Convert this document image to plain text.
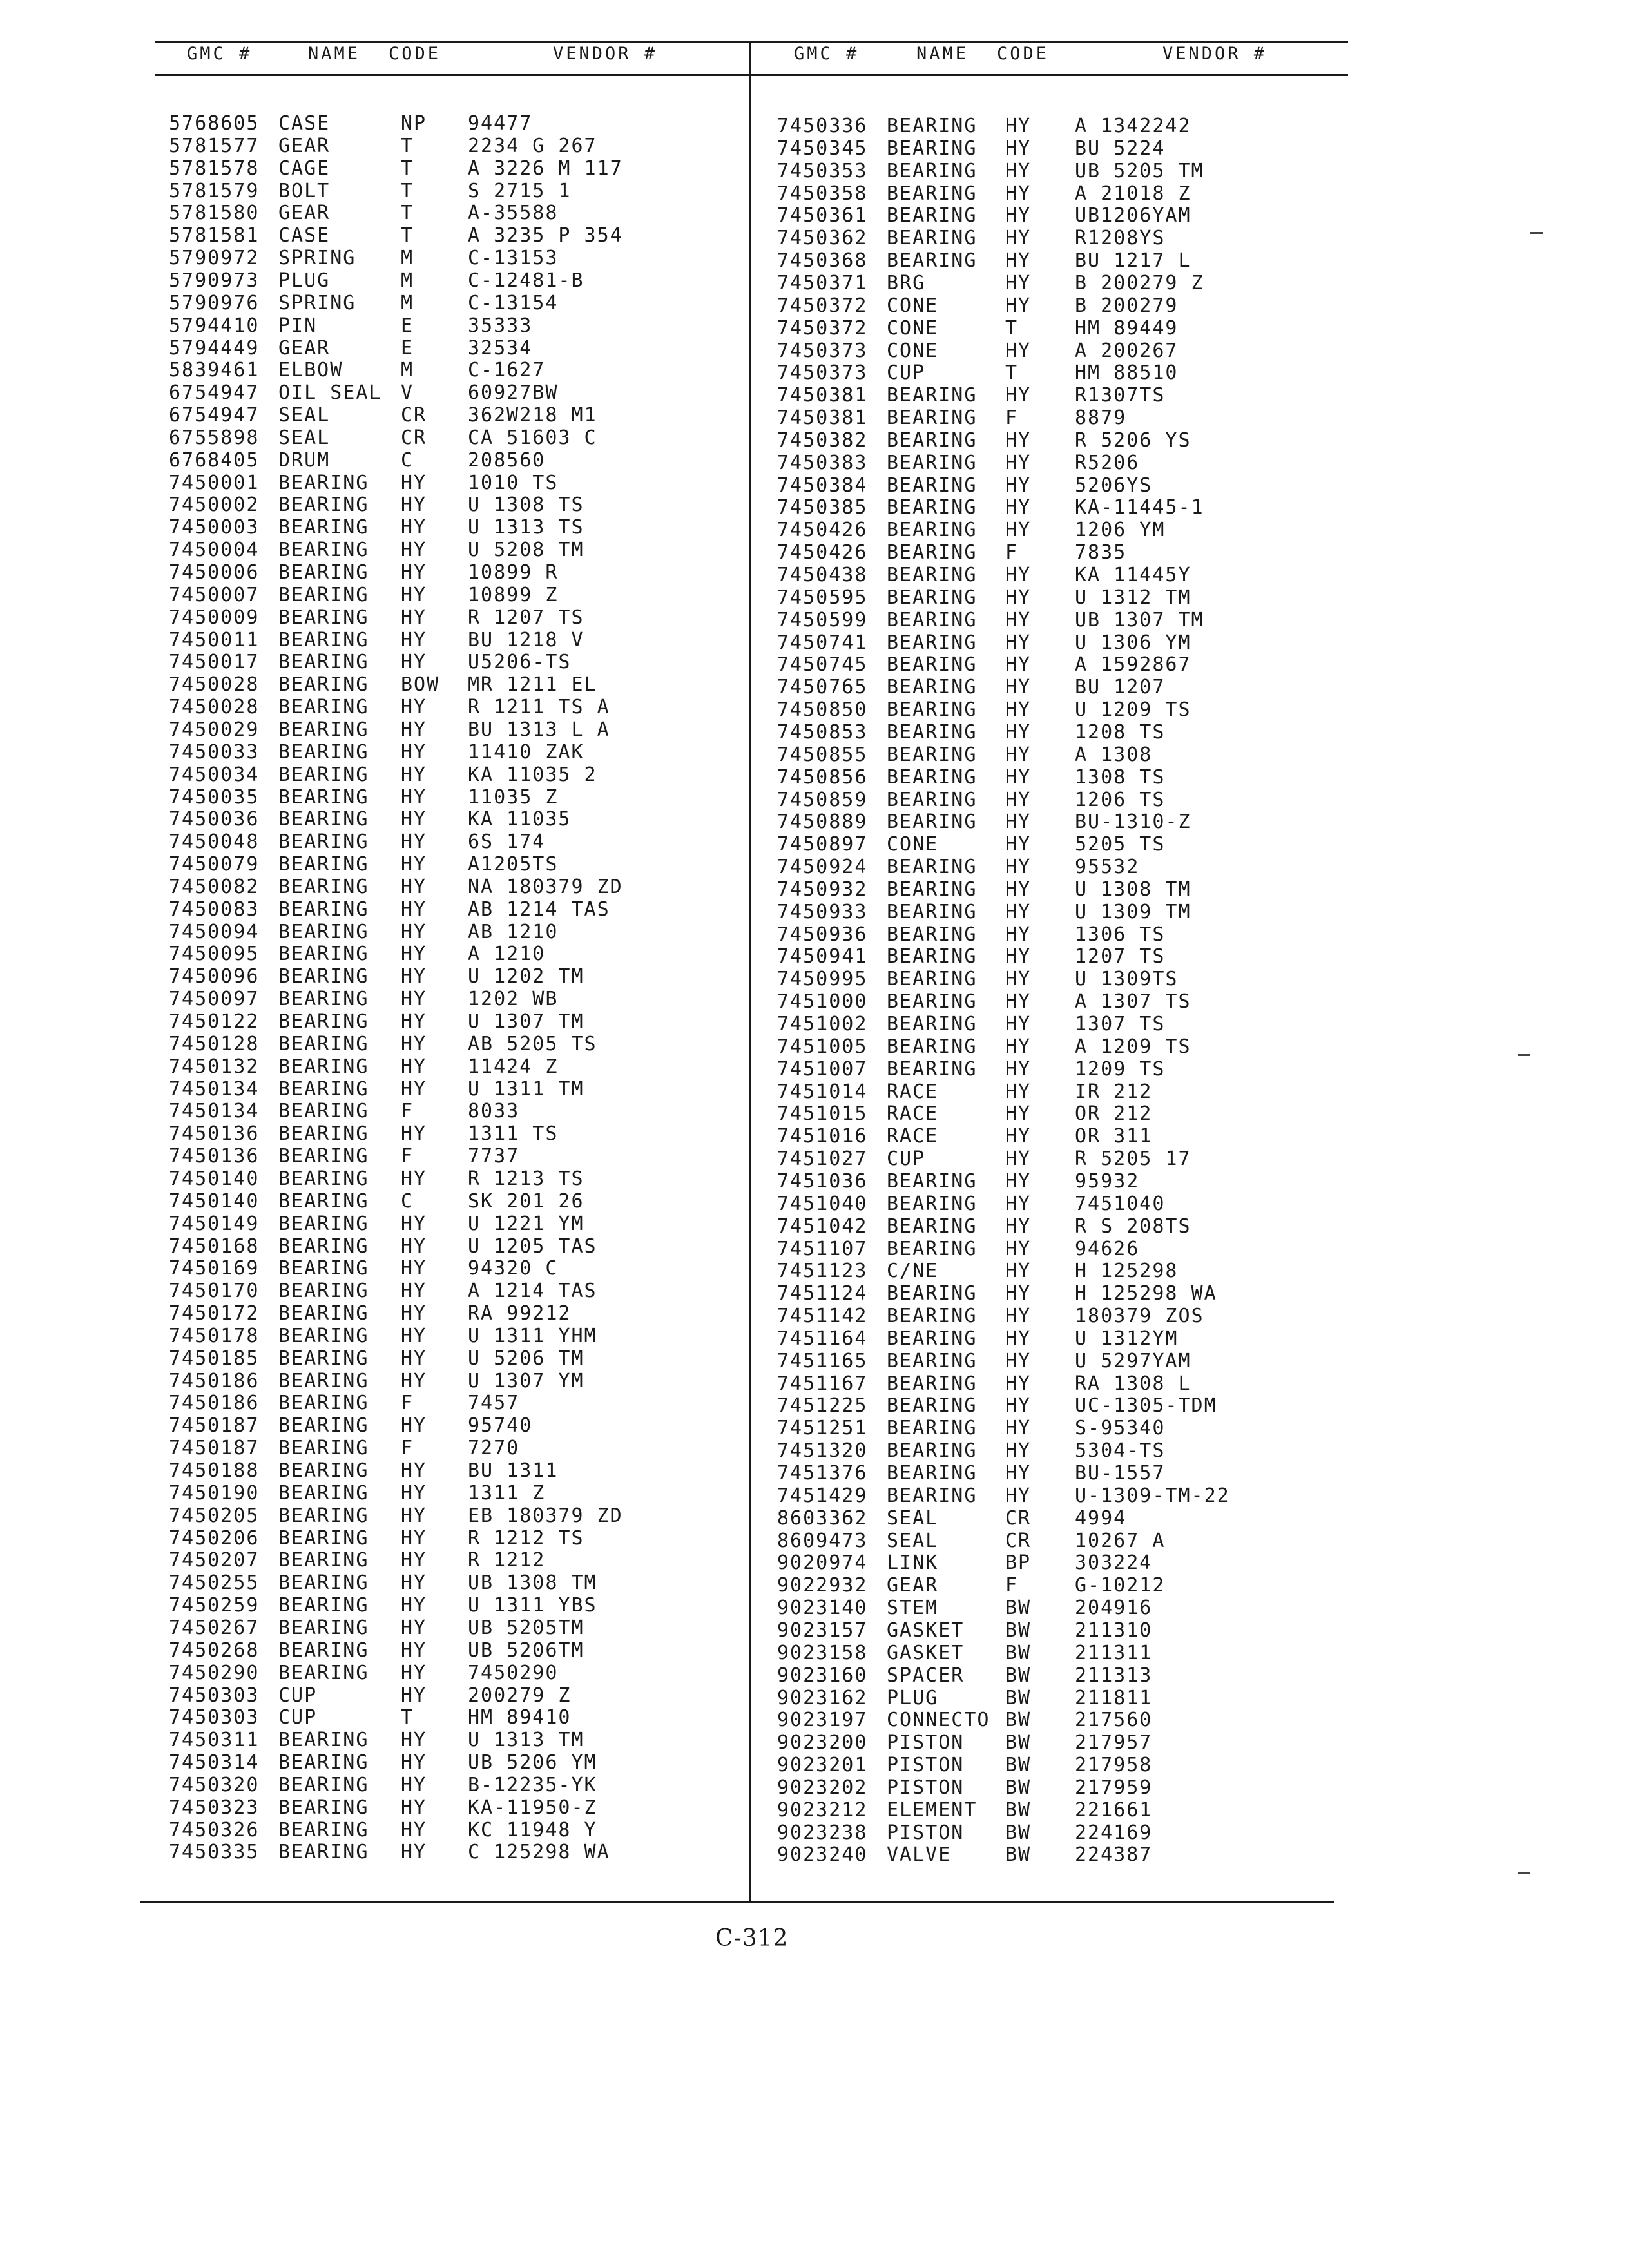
GMC #	NAME CODE	VENDOR #	GMC #	NAME CODE	VENDOR #
5768605 CASE	NP 94477
5781577 GEAR	T	2234 G 267
5781578 CAGE	T	A 3226 M 117
5781579 BOLT	T	S 2715 1
5781580 GEAR	T	A-35588
5781581 CASE	T	A 3235 P 354
5790972 SPRING M	C-13153
5790973 PLUG	M	C-12481-B
5790976 SPRING M	C-13154
5794410 PIN	E	35333
5794449 GEAR	E	32534
5839461 ELBOW	M	C-1627
6754947 OIL SEAL V	60927BW
6754947 SEAL	CR 362W218 M1
6755898 SEAL	CR CA 51603 C
6768405 DRUM	C	208560
7450001 BEARING HY 1010 TS
7450002 BEARING HY U 1308 TS
7450003 BEARING HY U 1313 TS
7450004 BEARING HY U 5208 TM
7450006 BEARING HY 10899 R
7450007 BEARING HY 10899 Z
7450009 BEARING HY R 1207 TS
7450011 BEARING HY BU 1218 V
7450017 BEARING HY U5206-TS
7450028 BEARING BOW MR 1211 EL
7450028 BEARING HY R 1211 TS A
7450029 BEARING HY BU 1313 L A
7450033 BEARING HY 11410 ZAK
7450034 BEARING HY KA 11035 2
7450035 BEARING HY 11035 Z
7450036 BEARING HY KA 11035
7450048 BEARING HY 6S 174
7450079 BEARING HY A1205TS
7450082 BEARING HY NA 180379 ZD
7450083 BEARING HY AB 1214 TAS
7450094 BEARING HY AB 1210
7450095 BEARING HY A 1210
7450096 BEARING HY U 1202 TM
7450097 BEARING HY 1202 WB
7450122 BEARING HY U 1307 TM
7450128 BEARING HY AB 5205 TS
7450132 BEARING HY 11424 Z
7450134 BEARING HY U 1311 TM
7450134 BEARING F	8033
7450136 BEARING HY 1311 TS
7450136 BEARING F	7737
7450140 BEARING HY R 1213 TS
7450140 BEARING C	SK 201 26
7450149 BEARING HY U 1221 YM
7450168 BEARING HY U 1205 TAS
7450169 BEARING HY 94320 C
7450170 BEARING HY A 1214 TAS
7450172 BEARING HY RA 99212
7450178 BEARING HY U 1311 YHM
7450185 BEARING HY U 5206 TM
7450186 BEARING HY U 1307 YM
7450186 BEARING F	7457
7450187 BEARING HY 95740
7450187 BEARING F	7270
7450188 BEARING HY BU 1311
7450190 BEARING HY 1311 Z
7450205 BEARING HY EB 180379 ZD
7450206 BEARING HY R 1212 TS
7450207 BEARING HY R 1212
7450255 BEARING HY UB 1308 TM
7450259 BEARING HY U 1311 YBS
7450267 BEARING HY UB 5205TM
7450268 BEARING HY UB 5206TM
7450290 BEARING HY 7450290
7450303 CUP	HY 200279 Z
7450303 CUP	T	HM 89410
7450311 BEARING HY U 1313 TM
7450314 BEARING HY UB 5206 YM
7450320 BEARING HY B-12235-YK
7450323 BEARING HY KA-11950-Z
7450326 BEARING HY KC 11948 Y
7450335 BEARING HY C 125298 WA
7450336 BEARING HY A 1342242
7450345 BEARING HY BU 5224
7450353 BEARING HY UB 5205 TM
7450358 BEARING HY A 21018 Z
7450361 BEARING HY UB1206YAM
7450362 BEARING HY R1208YS
7450368 BEARING HY BU 1217 L
7450371 BRG	HY B 200279 Z
7450372 CONE	HY B 200279
7450372 CONE	T	HM 89449
7450373 CONE	HY A 200267
7450373 CUP	T	HM 88510
7450381 BEARING HY R1307TS
7450381 BEARING F	8879
7450382 BEARING HY R 5206 YS
7450383 BEARING HY R5206
7450384 BEARING HY 5206YS
7450385 BEARING HY KA-11445-1
7450426 BEARING HY 1206 YM
7450426 BEARING F	7835
7450438 BEARING HY KA 11445Y
7450595 BEARING HY U 1312 TM
7450599 BEARING HY UB 1307 TM
7450741 BEARING HY U 1306 YM
7450745 BEARING HY A 1592867
7450765 BEARING HY BU 1207
7450850 BEARING HY U 1209 TS
7450853 BEARING HY 1208 TS
7450855 BEARING HY A 1308
7450856 BEARING HY 1308 TS
7450859 BEARING HY 1206 TS
7450889 BEARING HY BU-1310-Z
7450897 CONE	HY 5205 TS
7450924 BEARING HY 95532
7450932 BEARING HY U 1308 TM
7450933 BEARING HY U 1309 TM
7450936 BEARING HY 1306 TS
7450941 BEARING HY 1207 TS
7450995 BEARING HY U 1309TS
7451000 BEARING HY A 1307 TS
7451002 BEARING HY 1307 TS
7451005 BEARING HY A 1209 TS
7451007 BEARING HY 1209 TS
7451014 RACE	HY IR 212
7451015 RACE	HY OR 212
7451016 RACE	HY OR 311
7451027 CUP	HY R 5205 17
7451036 BEARING HY 95932
7451040 BEARING HY 7451040
7451042 BEARING HY R S 208TS
7451107 BEARING HY 94626
7451123 C/NE	HY H 125298
7451124 BEARING HY H 125298 WA
7451142 BEARING HY 180379 ZOS
7451164 BEARING HY U 1312YM
7451165 BEARING HY U 5297YAM
7451167 BEARING HY RA 1308 L
7451225 BEARING HY UC-1305-TDM
7451251 BEARING HY S-95340
7451320 BEARING HY 5304-TS
7451376 BEARING HY BU-1557
7451429 BEARING HY U-1309-TM-22
8603362 SEAL	CR 4994
8609473 SEAL	CR 10267 A
9020974 LINK	BP 303224
9022932 GEAR	F	G-10212
9023140 STEM	BW 204916
9023157 GASKET BW 211310
9023158 GASKET BW 211311
9023160 SPACER BW 211313
9023162 PLUG	BW 211811
9023197 CONNECTO BW 217560
9023200 PISTON BW 217957
9023201 PISTON BW 217958
9023202 PISTON BW 217959
9023212 ELEMENT BW 221661
9023238 PISTON BW 224169
9023240 VALVE	BW 224387
C-312
